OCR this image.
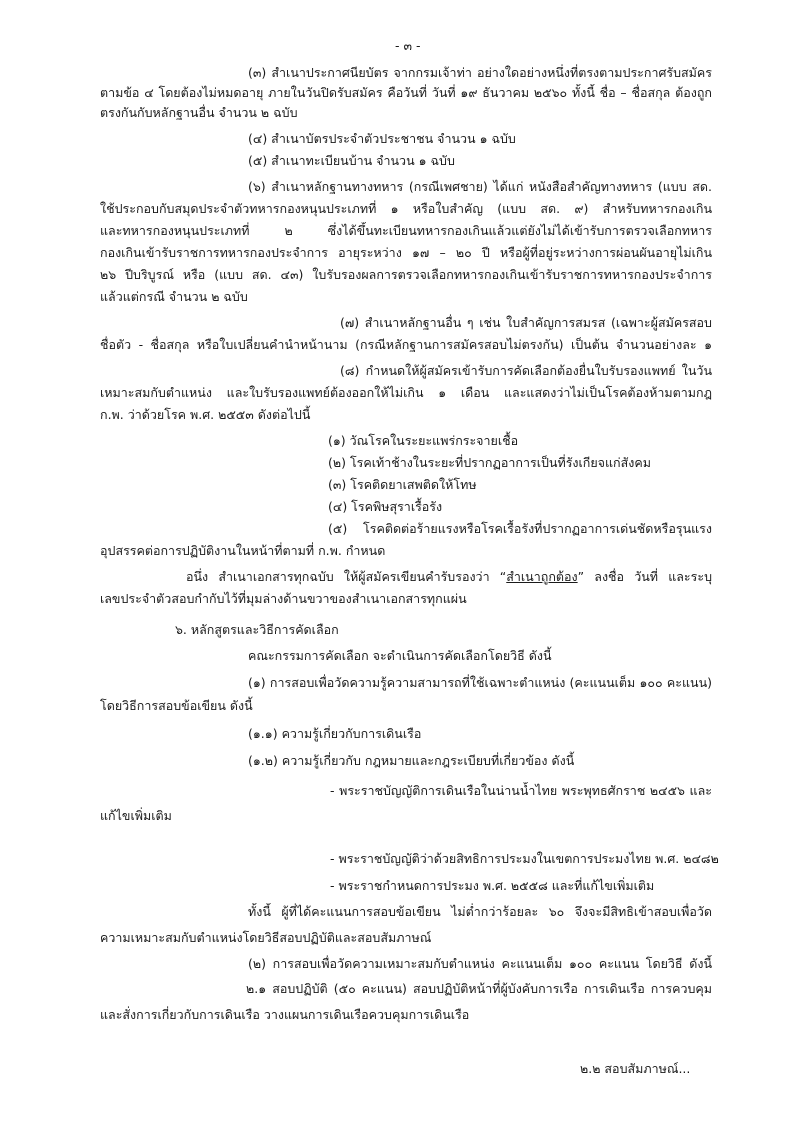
- ๓ -
(๓) สำเนาประกาศนียบัตร จากกรมเจ้าท่า อย่างใดอย่างหนึ่งที่ตรงตามประกาศรับสมัคร
ตามข้อ ๔ โดยต้องไม่หมดอายุ ภายในวันปิดรับสมัคร คือวันที่ วันที่ ๑๙ ธันวาคม ๒๕๖๐ ทั้งนี้ ชื่อ – ชื่อสกุล ต้องถูก
ตรงกันกับหลักฐานอื่น จำนวน ๒ ฉบับ
(๔) สำเนาบัตรประจำตัวประชาชน จำนวน ๑ ฉบับ
(๕) สำเนาทะเบียนบ้าน จำนวน ๑ ฉบับ
(๖) สำเนาหลักฐานทางทหาร (กรณีเพศชาย) ได้แก่ หนังสือสำคัญทางทหาร (แบบ สด.
ใช้ประกอบกับสมุดประจำตัวทหารกองหนุนประเภทที่ ๑ หรือใบสำคัญ (แบบ สด. ๙) สำหรับทหารกองเกิน
และทหารกองหนุนประเภทที่ ๒ ซึ่งได้ขึ้นทะเบียนทหารกองเกินแล้วแต่ยังไม่ได้เข้ารับการตรวจเลือกทหาร
กองเกินเข้ารับราชการทหารกองประจำการ อายุระหว่าง ๑๗ – ๒๐ ปี หรือผู้ที่อยู่ระหว่างการผ่อนผันอายุไม่เกิน
๒๖ ปีบริบูรณ์ หรือ (แบบ สด. ๔๓) ใบรับรองผลการตรวจเลือกทหารกองเกินเข้ารับราชการทหารกองประจำการ
แล้วแต่กรณี จำนวน ๒ ฉบับ
(๗) สำเนาหลักฐานอื่น ๆ เช่น ใบสำคัญการสมรส (เฉพาะผู้สมัครสอบ
ชื่อตัว - ชื่อสกุล หรือใบเปลี่ยนคำนำหน้านาม (กรณีหลักฐานการสมัครสอบไม่ตรงกัน) เป็นต้น จำนวนอย่างละ ๑
(๘) กำหนดให้ผู้สมัครเข้ารับการคัดเลือกต้องยื่นใบรับรองแพทย์ ในวัน
เหมาะสมกับตำแหน่ง และใบรับรองแพทย์ต้องออกให้ไม่เกิน ๑ เดือน และแสดงว่าไม่เป็นโรคต้องห้ามตามกฎ
ก.พ. ว่าด้วยโรค พ.ศ. ๒๕๕๓ ดังต่อไปนี้
(๑) วัณโรคในระยะแพร่กระจายเชื้อ
(๒) โรคเท้าช้างในระยะที่ปรากฏอาการเป็นที่รังเกียจแก่สังคม
(๓) โรคติดยาเสพติดให้โทษ
(๔) โรคพิษสุราเรื้อรัง
(๕) โรคติดต่อร้ายแรงหรือโรคเรื้อรังที่ปรากฏอาการเด่นชัดหรือรุนแรง
อุปสรรคต่อการปฏิบัติงานในหน้าที่ตามที่ ก.พ. กำหนด
อนึ่ง สำเนาเอกสารทุกฉบับ ให้ผู้สมัครเขียนคำรับรองว่า “สำเนาถูกต้อง” ลงชื่อ วันที่ และระบุ
เลขประจำตัวสอบกำกับไว้ที่มุมล่างด้านขวาของสำเนาเอกสารทุกแผ่น
๖. หลักสูตรและวิธีการคัดเลือก
คณะกรรมการคัดเลือก จะดำเนินการคัดเลือกโดยวิธี ดังนี้
(๑) การสอบเพื่อวัดความรู้ความสามารถที่ใช้เฉพาะตำแหน่ง (คะแนนเต็ม ๑๐๐ คะแนน)
โดยวิธีการสอบข้อเขียน ดังนี้
(๑.๑) ความรู้เกี่ยวกับการเดินเรือ
(๑.๒) ความรู้เกี่ยวกับ กฎหมายและกฎระเบียบที่เกี่ยวข้อง ดังนี้
- พระราชบัญญัติการเดินเรือในน่านน้ำไทย พระพุทธศักราช ๒๔๕๖ และ
แก้ไขเพิ่มเติม
- พระราชบัญญัติว่าด้วยสิทธิการประมงในเขตการประมงไทย พ.ศ. ๒๔๘๒
- พระราชกำหนดการประมง พ.ศ. ๒๕๕๘ และที่แก้ไขเพิ่มเติม
ทั้งนี้ ผู้ที่ได้คะแนนการสอบข้อเขียน ไม่ต่ำกว่าร้อยละ ๖๐ จึงจะมีสิทธิเข้าสอบเพื่อวัด
ความเหมาะสมกับตำแหน่งโดยวิธีสอบปฏิบัติและสอบสัมภาษณ์
(๒) การสอบเพื่อวัดความเหมาะสมกับตำแหน่ง คะแนนเต็ม ๑๐๐ คะแนน โดยวิธี ดังนี้
๒.๑ สอบปฏิบัติ (๕๐ คะแนน) สอบปฏิบัติหน้าที่ผู้บังคับการเรือ การเดินเรือ การควบคุม
และสั่งการเกี่ยวกับการเดินเรือ วางแผนการเดินเรือควบคุมการเดินเรือ
๒.๒ สอบสัมภาษณ์...
